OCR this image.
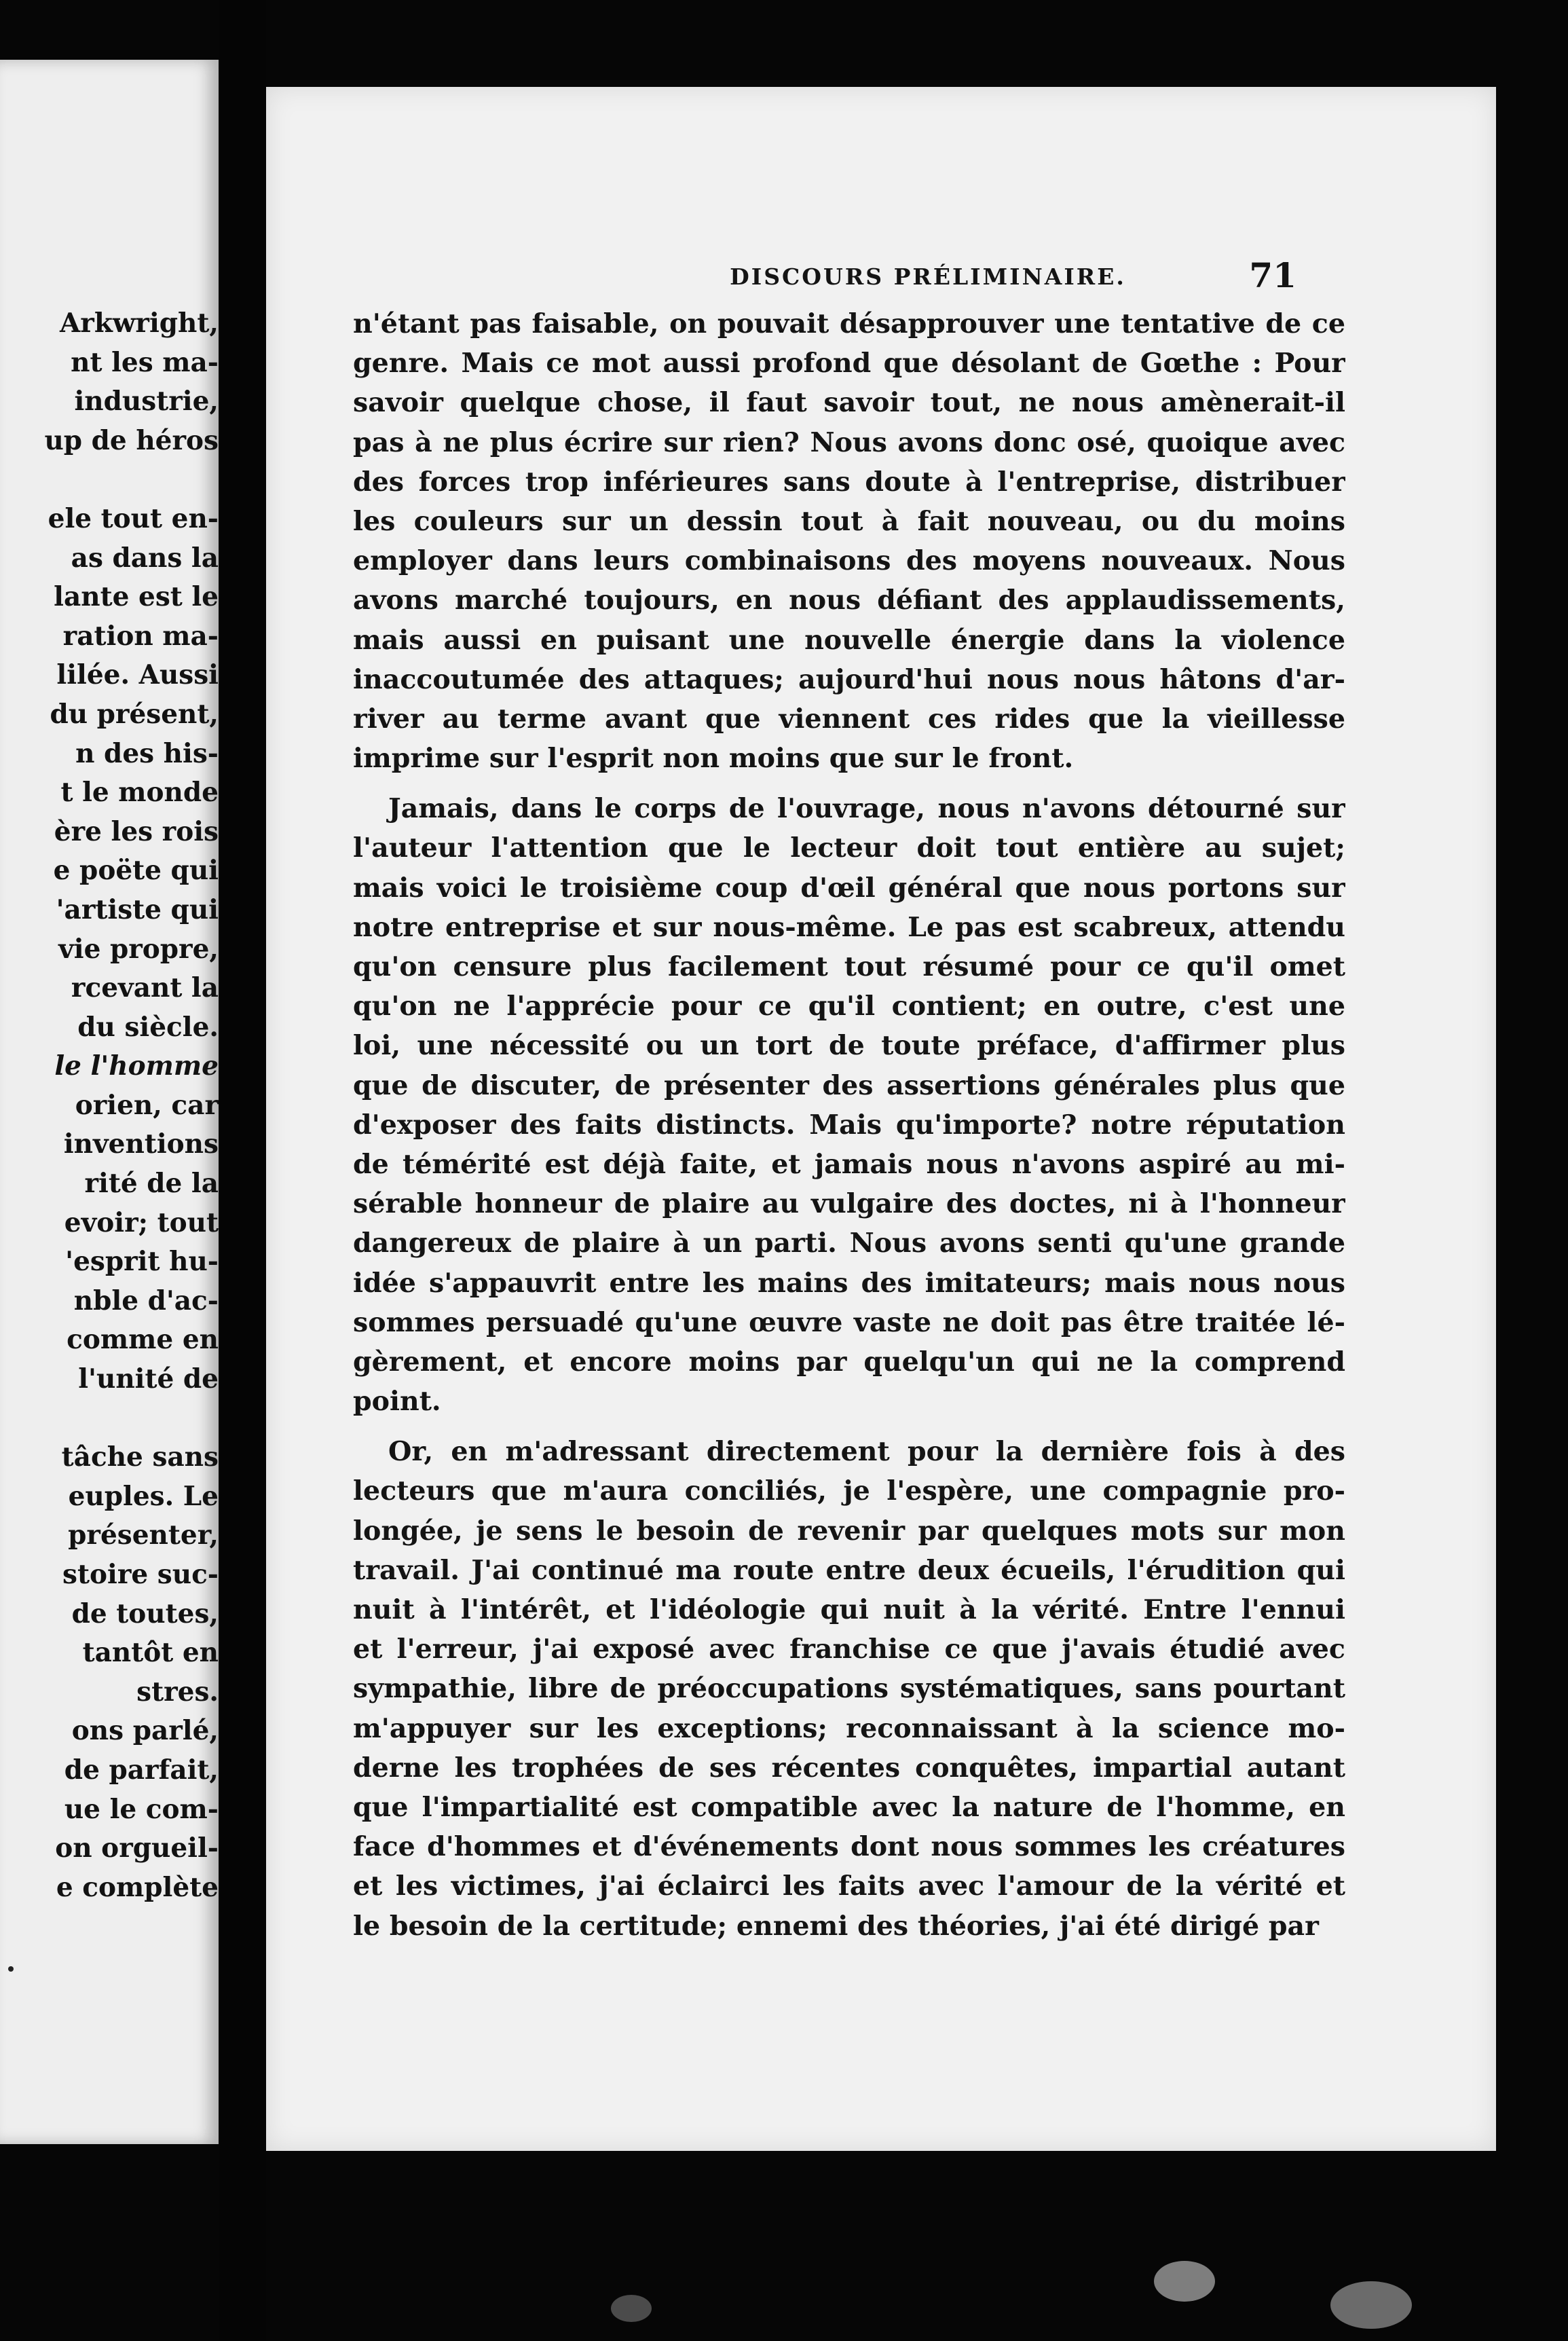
Arkwright,
nt les ma-
industrie,
up de héros
ele tout en-
as dans la
lante est le
ration ma-
lilée. Aussi
du présent,
n des his-
t le monde
ère les rois
e poëte qui
'artiste qui
vie propre,
rcevant la
du siècle.
le l'homme
orien, car
inventions
rité de la
evoir; tout
'esprit hu-
nble d'ac-
comme en
l'unité de
tâche sans
euples. Le
présenter,
stoire suc-
de toutes,
tantôt en
stres.
ons parlé,
de parfait,
ue le com-
on orgueil-
e complète
DISCOURS PRÉLIMINAIRE.	71
n'étant pas faisable, on pouvait désapprouver une tentative de ce
genre. Mais ce mot aussi profond que désolant de Gœthe : Pour
savoir quelque chose, il faut savoir tout, ne nous amènerait-il
pas à ne plus écrire sur rien? Nous avons donc osé, quoique avec
des forces trop inférieures sans doute à l'entreprise, distribuer
les couleurs sur un dessin tout à fait nouveau, ou du moins
employer dans leurs combinaisons des moyens nouveaux. Nous
avons marché toujours, en nous défiant des applaudissements,
mais aussi en puisant une nouvelle énergie dans la violence
inaccoutumée des attaques; aujourd'hui nous nous hâtons d'ar-
river au terme avant que viennent ces rides que la vieillesse
imprime sur l'esprit non moins que sur le front.
Jamais, dans le corps de l'ouvrage, nous n'avons détourné sur
l'auteur l'attention que le lecteur doit tout entière au sujet;
mais voici le troisième coup d'œil général que nous portons sur
notre entreprise et sur nous-même. Le pas est scabreux, attendu
qu'on censure plus facilement tout résumé pour ce qu'il omet
qu'on ne l'apprécie pour ce qu'il contient; en outre, c'est une
loi, une nécessité ou un tort de toute préface, d'affirmer plus
que de discuter, de présenter des assertions générales plus que
d'exposer des faits distincts. Mais qu'importe? notre réputation
de témérité est déjà faite, et jamais nous n'avons aspiré au mi-
sérable honneur de plaire au vulgaire des doctes, ni à l'honneur
dangereux de plaire à un parti. Nous avons senti qu'une grande
idée s'appauvrit entre les mains des imitateurs; mais nous nous
sommes persuadé qu'une œuvre vaste ne doit pas être traitée lé-
gèrement, et encore moins par quelqu'un qui ne la comprend
point.
Or, en m'adressant directement pour la dernière fois à des
lecteurs que m'aura conciliés, je l'espère, une compagnie pro-
longée, je sens le besoin de revenir par quelques mots sur mon
travail. J'ai continué ma route entre deux écueils, l'érudition qui
nuit à l'intérêt, et l'idéologie qui nuit à la vérité. Entre l'ennui
et l'erreur, j'ai exposé avec franchise ce que j'avais étudié avec
sympathie, libre de préoccupations systématiques, sans pourtant
m'appuyer sur les exceptions; reconnaissant à la science mo-
derne les trophées de ses récentes conquêtes, impartial autant
que l'impartialité est compatible avec la nature de l'homme, en
face d'hommes et d'événements dont nous sommes les créatures
et les victimes, j'ai éclairci les faits avec l'amour de la vérité et
le besoin de la certitude; ennemi des théories, j'ai été dirigé par
